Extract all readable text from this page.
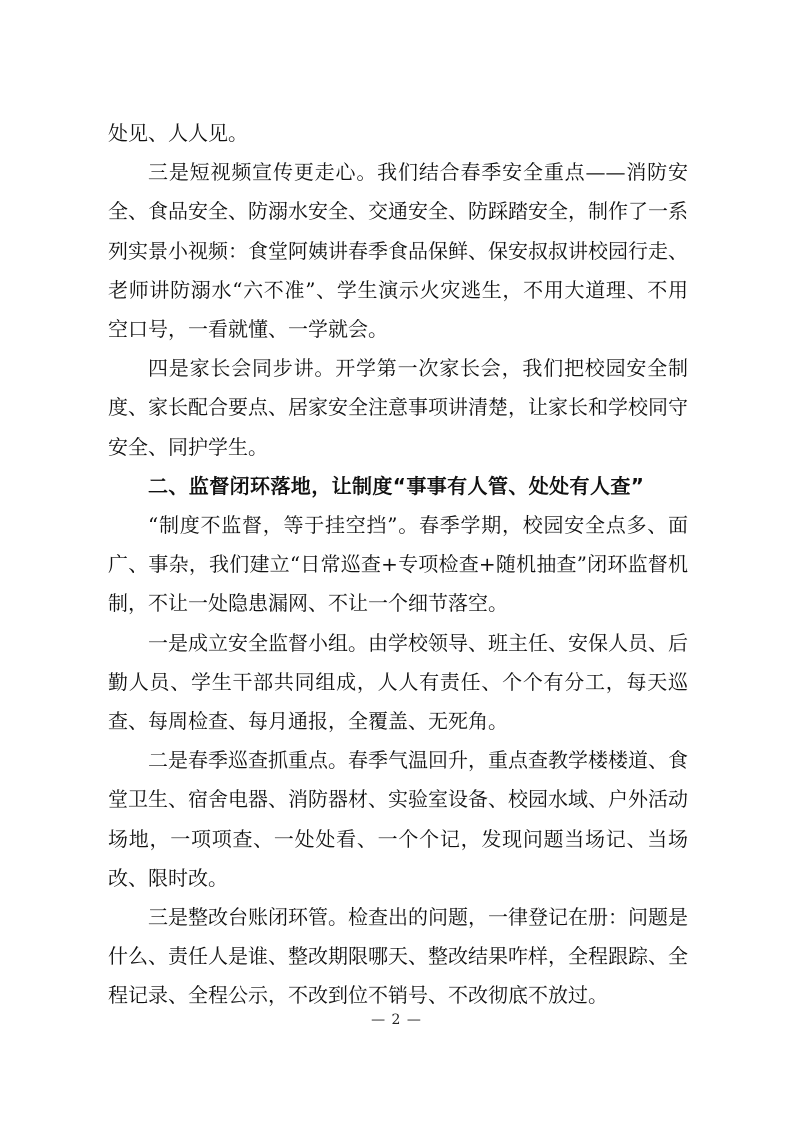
处见、人人见。

三是短视频宣传更走心。我们结合春季安全重点——消防安全、食品安全、防溺水安全、交通安全、防踩踏安全，制作了一系列实景小视频：食堂阿姨讲春季食品保鲜、保安叔叔讲校园行走、老师讲防溺水“六不准”、学生演示火灾逃生，不用大道理、不用空口号，一看就懂、一学就会。

四是家长会同步讲。开学第一次家长会，我们把校园安全制度、家长配合要点、居家安全注意事项讲清楚，让家长和学校同守安全、同护学生。

二、监督闭环落地，让制度“事事有人管、处处有人查”

“制度不监督，等于挂空挡”。春季学期，校园安全点多、面广、事杂，我们建立“日常巡查+专项检查+随机抽查”闭环监督机制，不让一处隐患漏网、不让一个细节落空。

一是成立安全监督小组。由学校领导、班主任、安保人员、后勤人员、学生干部共同组成，人人有责任、个个有分工，每天巡查、每周检查、每月通报，全覆盖、无死角。

二是春季巡查抓重点。春季气温回升，重点查教学楼楼道、食堂卫生、宿舍电器、消防器材、实验室设备、校园水域、户外活动场地，一项项查、一处处看、一个个记，发现问题当场记、当场改、限时改。

三是整改台账闭环管。检查出的问题，一律登记在册：问题是什么、责任人是谁、整改期限哪天、整改结果咋样，全程跟踪、全程记录、全程公示，不改到位不销号、不改彻底不放过。

— 2 —
